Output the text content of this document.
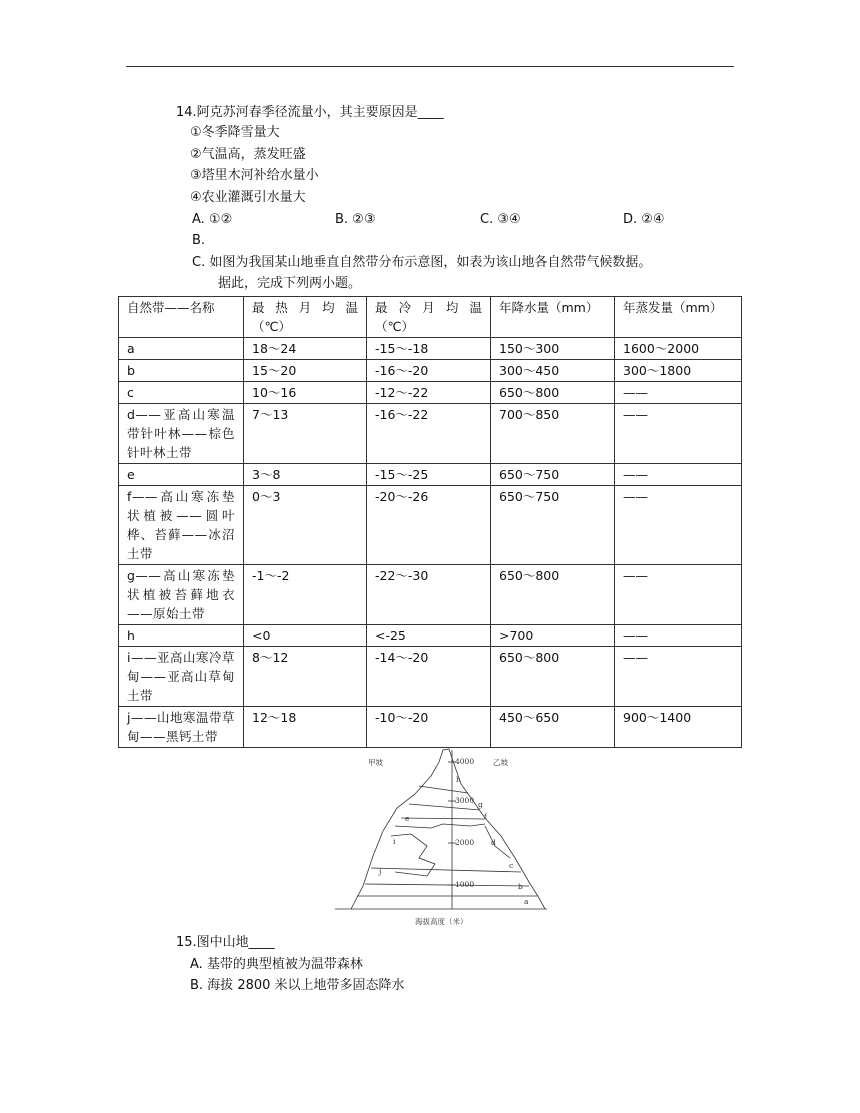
14.阿克苏河春季径流量小，其主要原因是____
①冬季降雪量大
②气温高，蒸发旺盛
③塔里木河补给水量小
④农业灌溉引水量大
A. ①②	B. ②③	C. ③④	D. ②④
B.
C. 如图为我国某山地垂直自然带分布示意图，如表为该山地各自然带气候数据。
据此，完成下列两小题。
自然带——名称	最 热 月 均 温（℃）	最 冷 月 均 温（℃）	年降水量（mm）	年蒸发量（mm）
a	18～24	-15～-18	150～300	1600～2000
b	15～20	-16～-20	300～450	300～1800
c	10～16	-12～-22	650～800	——
d——亚高山寒温带针叶林——棕色针叶林土带	7～13	-16～-22	700～850	——
e	3～8	-15～-25	650～750	——
f——高山寒冻垫状植被——圆叶桦、苔藓——冰沼土带	0～3	-20～-26	650～750	——
g——高山寒冻垫状植被苔藓地衣——原始土带	-1～-2	-22～-30	650～800	——
h	<0	<-25	>700	——
i——亚高山寒冷草甸——亚高山草甸土带	8～12	-14～-20	650～800	——
j——山地寒温带草甸——黑钙土带	12～18	-10～-20	450～650	900～1400
甲坡	乙坡
4000
3000
2000
1000
h
g
f
e
d
c
b
a
i
j
海拔高度（米）
15.图中山地____
A. 基带的典型植被为温带森林
B. 海拔 2800 米以上地带多固态降水
